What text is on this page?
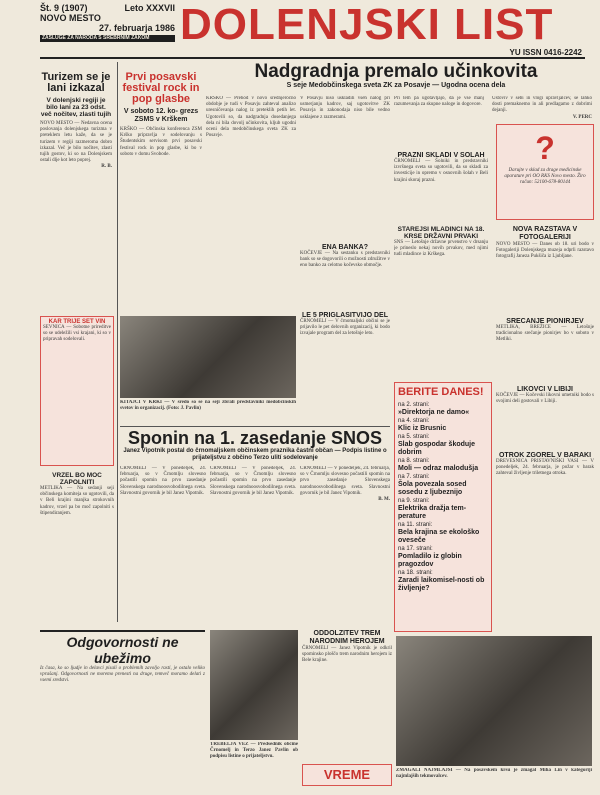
Št. 9 (1907)	Leto XXXVII
NOVO MESTO
27. februarja 1986
ZASLUGE ZA NARODA S SREBRNIM ZAKOM DOLENJSKI LIST
YU ISSN 0416-2242
Turizem se je lani izkazal
V dolenjski regiji je bilo lani za 23 odst. več nočitev, zlasti tujih

NOVO MESTO — Nedavna ocena poslovanja dolenjskega turizma v preteklem letu kaže, da se je turizem v regiji razmeroma dobro izkazal. Več je bilo nočitev, zlasti tujih gostov, ki so na Dolenjskem ostali dlje kot leto poprej.

R. B.

KAR TRIJE SET VIN

SEVNICA — Sobotne prireditve so se udeležili vsi krajani, ki so v pripravah sodelovali.

VRZEL BO MOČ ZAPOLNITI

METLIKA — Na sedanji seji občinskega komiteja so ugotovili, da v Beli krajini manjka strokovnih kadrov, vrzel pa bo moč zapolniti s štipendiranjem.

Prvi posavski festival rock in pop glasbe
V soboto 12. ko- grezs ZSMS v Krškem

KRŠKO — Občinska konferenca ZSM Krško pripravlja v sodelovanju s Študentskim servisom prvi posavski festival rock in pop glasbe, ki bo v soboto v domu Svobode.

Nadgradnja premalo učinkovita
S seje Medobčinskega sveta ZK za Posavje — Ugodna ocena dela

KRŠKO — Prehod v novo srednjeročno obdobje je tudi v Posavju zahteval analizo uresničevanja nalog iz preteklih petih let. Ugotovili so, da nadgradnja dosedanjega dela ni bila dovolj učinkovita, kljub ugodni oceni dela medobčinskega sveta ZK za Posavje.

V Posavju niso uskladili vseh nalog pri usmerjanju kadrov, saj ugotovitve ZK Posavja in zakonodaja niso bile vedno usklajene z razmerami.

Pri tem pa ugotavljajo, da je vse manj razumevanja za skupne naloge in dogovore.

Ustoviv v sebi in vlogi upravljalcev, se lahko dosti premaknemo in ali predlagamo z dobrimi dejanji.

V. PERC

?

Darujte v sklad za drage medicinske aparature pri OO RKS Novo mesto. Žiro račun: 52100-678-80144

NOVA RAZSTAVA V FOTOGALERIJI

NOVO MESTO — Danes ob 18. uri bodo v Fotogaleriji Dolenjskega muzeja odprli razstavo fotografij Janeza Pukšiča iz Ljubljane.

SREČANJE PIONIRJEV

METLIKA, BREŽICE — Letošnje tradicionalno srečanje pionirjev bo v soboto v Metliki.

LIKOVCI V LIBIJI

KOČEVJE — Kočevski likovni umetniki bodo s svojimi deli gostovali v Libiji.

OTROK ZGOREL V BARAKI

DREVESNICA PRISTAVNIŠKI VASI — V ponedeljek, 24. februarja, je požar v barak zahteval življenje triletnega otroka.

PRAZNI SKLADI V ŠOLAH

ČRNOMELJ — Šolniki in predstavniki izvršnega sveta so ugotovili, da so skladi za investicije in opremo v osnovnih šolah v Beli krajini skoraj prazni.

ENA BANKA?

KOČEVJE — Na sestanku s predstavniki bank so se dogovorili o možnosti združitve v eno banko za celotno kočevsko območje.

STAREJŠI MLADINCI NA 18. KRSE DRŽAVNI PRVAKI

SNS — Letošnje državne prvenstvo v drsanju je prineslo nekaj novih prvakov, med njimi tudi mladince iz Krškega.

KITAJCI V KRKI — V sredo so se na seji zbrali predstavniki medobčinskih svetov in organizacij. (Foto: J. Pavlin)

LE 5 PRIGLASITVIJO DEL

ČRNOMELJ — V črnomaljski občini se je prijavilo le pet delovnih organizacij, ki bodo izvajale program del za letošnje leto.

BERITE DANES!
na 2. strani:
»Direktorja ne damo«
na 4. strani:
Klic iz Brusnic
na 5. strani:
Slab gospodar škoduje dobrim
na 8. strani:
Moli — odraz malodušja
na 7. strani:
Šola povezala sosed sosedu z ljubeznijo
na 9. strani:
Elektrika dražja tem-perature
na 11. strani:
Bela krajina se ekološko oveseče
na 17. strani:
Pomladilo iz globin pragozdov
na 18. strani:
Zaradi laikomisel-nosti ob življenje?
Sponin na 1. zasedanje SNOS
Janez Vipotnik postal do črnomaljskem občinskem praznika častni občan — Podpis listine o prijateljstvu z občino Terzo ulití sodelovanje

ČRNOMELJ — V ponedeljek, 24. februarja, so v Črnomlju slovesno počastili spomin na prvo zasedanje Slovenskega narodnoosvobodilnega sveta. Slavnostni govornik je bil Janez Vipotnik.

ČRNOMELJ — V ponedeljek, 24. februarja, so v Črnomlju slovesno počastili spomin na prvo zasedanje Slovenskega narodnoosvobodilnega sveta. Slavnostni govornik je bil Janez Vipotnik.

ČRNOMELJ — V ponedeljek, 24. februarja, so v Črnomlju slovesno počastili spomin na prvo zasedanje Slovenskega narodnoosvobodilnega sveta. Slavnostni govornik je bil Janez Vipotnik.

B. M.

Odgovornosti ne ubežimo

Iz časa, ko so ljudje in delavci pisali o problemih zavoljo rasti, je ostalo veliko vprašanj. Odgovornosti ne moremo prenesti na druge, temveč moramo delati z vsemi sredstvi.

TREBELJA VEZ — Predsednik občine Črnomelj in Terzo Janez Pavlin ob podpisu listine o prijateljstvu.

ODDOLŽITEV TREM NARODNIM HEROJEM

ČRNOMELJ — Janez Vipotnik je odkril spominsko ploščo trem narodnim herojem iz Bele krajine.

VREME	ZMAGALI NAJMLAJŠI — Na posavskem krsu je zmagal Miha Lin v kategoriji najmlajših tekmovalcev.
